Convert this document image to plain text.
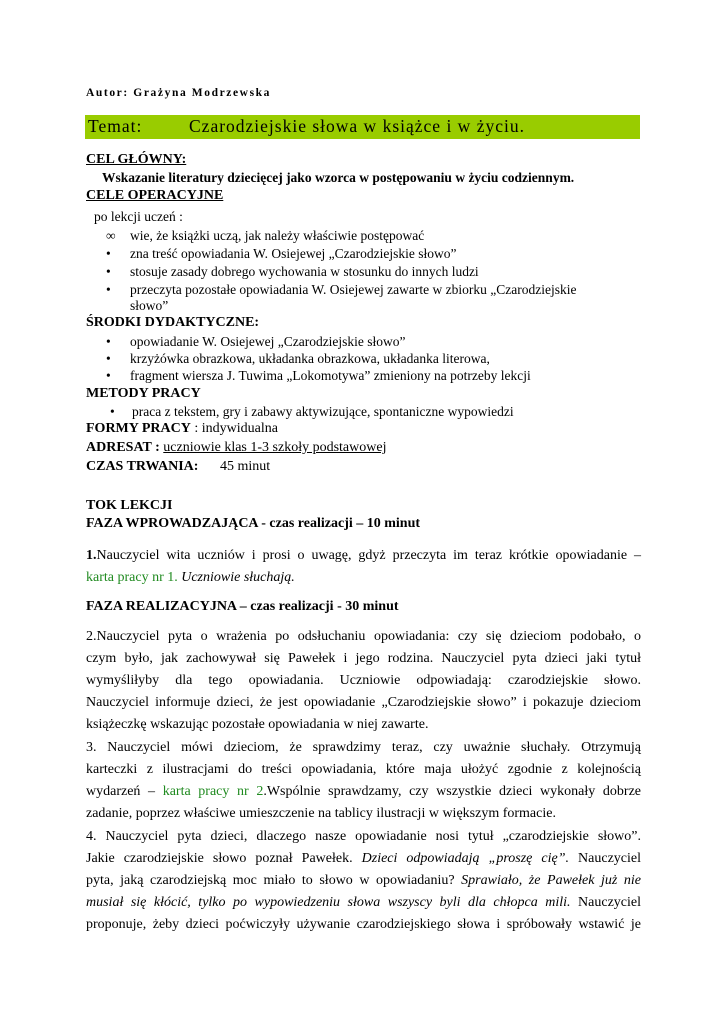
Autor: Grażyna Modrzewska
Temat:	Czarodziejskie słowa w książce i w życiu.
CEL GŁÓWNY:
Wskazanie literatury dziecięcej jako wzorca w postępowaniu w życiu codziennym.
CELE OPERACYJNE
po lekcji uczeń :
∞	wie, że książki uczą, jak należy właściwie postępować
•	zna treść opowiadania W. Osiejewej „Czarodziejskie słowo”
•	stosuje zasady dobrego wychowania w stosunku do innych ludzi
•	przeczyta pozostałe opowiadania W. Osiejewej zawarte w zbiorku „Czarodziejskie
słowo”
ŚRODKI DYDAKTYCZNE:
•	opowiadanie W. Osiejewej „Czarodziejskie słowo”
•	krzyżówka obrazkowa, układanka obrazkowa, układanka literowa,
•	fragment wiersza J. Tuwima „Lokomotywa” zmieniony na potrzeby lekcji
METODY PRACY
•	praca z tekstem, gry i zabawy aktywizujące, spontaniczne wypowiedzi
FORMY PRACY : indywidualna
ADRESAT : uczniowie klas 1-3 szkoły podstawowej
CZAS TRWANIA: 45 minut
TOK LEKCJI
FAZA WPROWADZAJĄCA - czas realizacji – 10 minut
1.Nauczyciel wita uczniów i prosi o uwagę, gdyż przeczyta im teraz krótkie opowiadanie –
karta pracy nr 1. Uczniowie słuchają.
FAZA REALIZACYJNA – czas realizacji - 30 minut
2.Nauczyciel pyta o wrażenia po odsłuchaniu opowiadania: czy się dzieciom podobało, o
czym było, jak zachowywał się Pawełek i jego rodzina. Nauczyciel pyta dzieci jaki tytuł
wymyśliłyby dla tego opowiadania. Uczniowie odpowiadają: czarodziejskie słowo.
Nauczyciel informuje dzieci, że jest opowiadanie „Czarodziejskie słowo” i pokazuje dzieciom
książeczkę wskazując pozostałe opowiadania w niej zawarte.
3. Nauczyciel mówi dzieciom, że sprawdzimy teraz, czy uważnie słuchały. Otrzymują
karteczki z ilustracjami do treści opowiadania, które maja ułożyć zgodnie z kolejnością
wydarzeń – karta pracy nr 2.Wspólnie sprawdzamy, czy wszystkie dzieci wykonały dobrze
zadanie, poprzez właściwe umieszczenie na tablicy ilustracji w większym formacie.
4. Nauczyciel pyta dzieci, dlaczego nasze opowiadanie nosi tytuł „czarodziejskie słowo”.
Jakie czarodziejskie słowo poznał Pawełek. Dzieci odpowiadają „proszę cię”. Nauczyciel
pyta, jaką czarodziejską moc miało to słowo w opowiadaniu? Sprawiało, że Pawełek już nie
musiał się kłócić, tylko po wypowiedzeniu słowa wszyscy byli dla chłopca mili. Nauczyciel
proponuje, żeby dzieci poćwiczyły używanie czarodziejskiego słowa i spróbowały wstawić je
